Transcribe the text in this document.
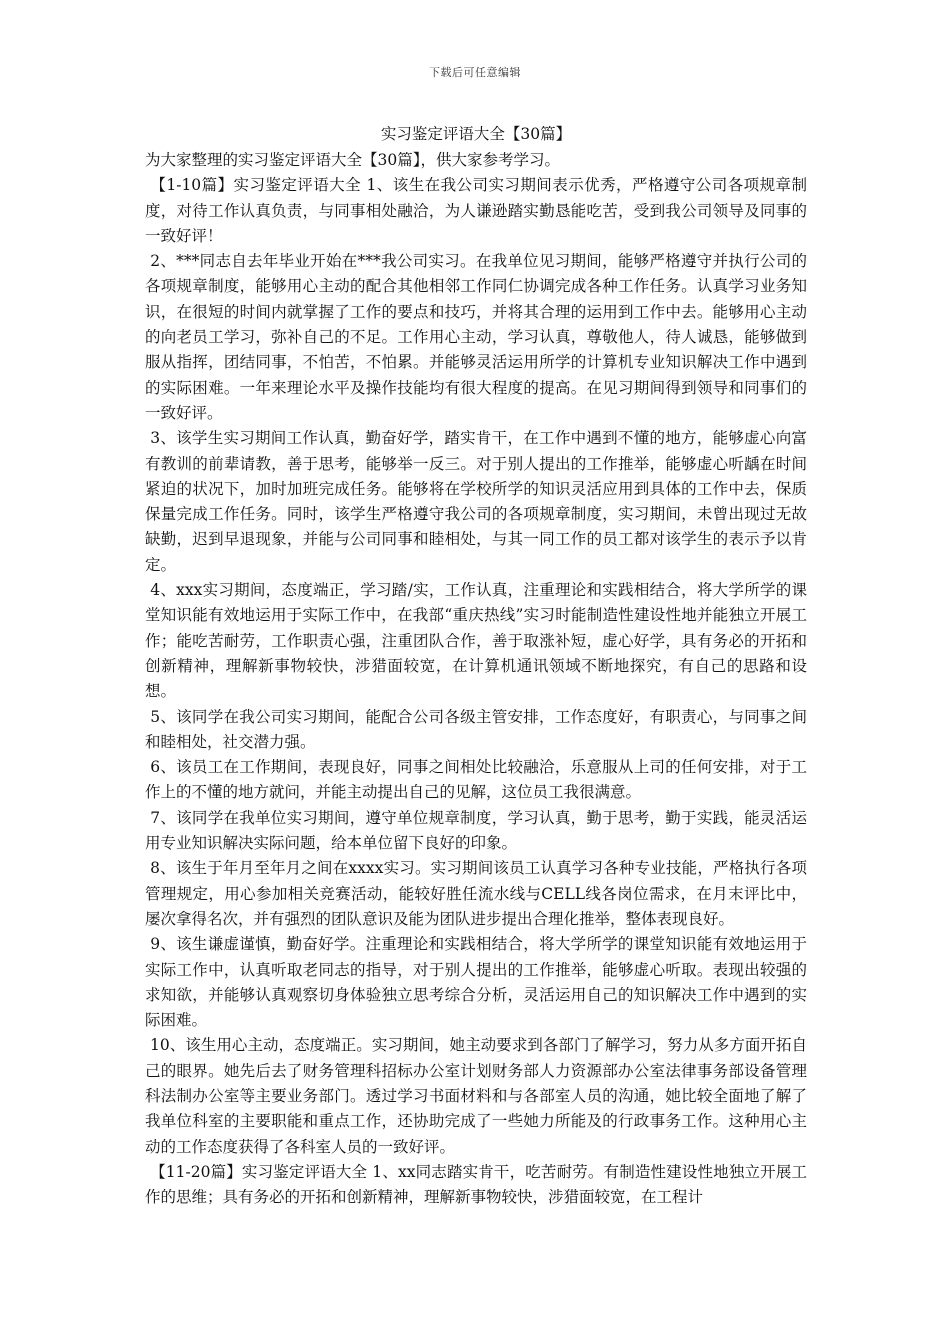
下载后可任意编辑
实习鉴定评语大全【30篇】

为大家整理的实习鉴定评语大全【30篇】，供大家参考学习。

【1-10篇】实习鉴定评语大全 1、该生在我公司实习期间表示优秀，严格遵守公司各项规章制度，对待工作认真负责，与同事相处融洽，为人谦逊踏实勤恳能吃苦，受到我公司领导及同事的一致好评！

2、***同志自去年毕业开始在***我公司实习。在我单位见习期间，能够严格遵守并执行公司的各项规章制度，能够用心主动的配合其他相邻工作同仁协调完成各种工作任务。认真学习业务知识，在很短的时间内就掌握了工作的要点和技巧，并将其合理的运用到工作中去。能够用心主动的向老员工学习，弥补自己的不足。工作用心主动，学习认真，尊敬他人，待人诚恳，能够做到服从指挥，团结同事，不怕苦，不怕累。并能够灵活运用所学的计算机专业知识解决工作中遇到的实际困难。一年来理论水平及操作技能均有很大程度的提高。在见习期间得到领导和同事们的一致好评。

3、该学生实习期间工作认真，勤奋好学，踏实肯干，在工作中遇到不懂的地方，能够虚心向富有教训的前辈请教，善于思考，能够举一反三。对于别人提出的工作推举，能够虚心听龋在时间紧迫的状况下，加时加班完成任务。能够将在学校所学的知识灵活应用到具体的工作中去，保质保量完成工作任务。同时，该学生严格遵守我公司的各项规章制度，实习期间，未曾出现过无故缺勤，迟到早退现象，并能与公司同事和睦相处，与其一同工作的员工都对该学生的表示予以肯定。

4、xxx实习期间，态度端正，学习踏/实，工作认真，注重理论和实践相结合，将大学所学的课堂知识能有效地运用于实际工作中，在我部“重庆热线”实习时能制造性建设性地并能独立开展工作；能吃苦耐劳，工作职责心强，注重团队合作，善于取涨补短，虚心好学，具有务必的开拓和创新精神，理解新事物较快，涉猎面较宽，在计算机通讯领域不断地探究，有自己的思路和设想。

5、该同学在我公司实习期间，能配合公司各级主管安排，工作态度好，有职责心，与同事之间和睦相处，社交潜力强。

6、该员工在工作期间，表现良好，同事之间相处比较融洽，乐意服从上司的任何安排，对于工作上的不懂的地方就问，并能主动提出自己的见解，这位员工我很满意。

7、该同学在我单位实习期间，遵守单位规章制度，学习认真，勤于思考，勤于实践，能灵活运用专业知识解决实际问题，给本单位留下良好的印象。

8、该生于年月至年月之间在xxxx实习。实习期间该员工认真学习各种专业技能，严格执行各项管理规定，用心参加相关竞赛活动，能较好胜任流水线与CELL线各岗位需求，在月末评比中，屡次拿得名次，并有强烈的团队意识及能为团队进步提出合理化推举，整体表现良好。

9、该生谦虚谨慎，勤奋好学。注重理论和实践相结合，将大学所学的课堂知识能有效地运用于实际工作中，认真听取老同志的指导，对于别人提出的工作推举，能够虚心听取。表现出较强的求知欲，并能够认真观察切身体验独立思考综合分析，灵活运用自己的知识解决工作中遇到的实际困难。

10、该生用心主动，态度端正。实习期间，她主动要求到各部门了解学习，努力从多方面开拓自己的眼界。她先后去了财务管理科招标办公室计划财务部人力资源部办公室法律事务部设备管理科法制办公室等主要业务部门。透过学习书面材料和与各部室人员的沟通，她比较全面地了解了我单位科室的主要职能和重点工作，还协助完成了一些她力所能及的行政事务工作。这种用心主动的工作态度获得了各科室人员的一致好评。

【11-20篇】实习鉴定评语大全 1、xx同志踏实肯干，吃苦耐劳。有制造性建设性地独立开展工作的思维；具有务必的开拓和创新精神，理解新事物较快，涉猎面较宽，在工程计
